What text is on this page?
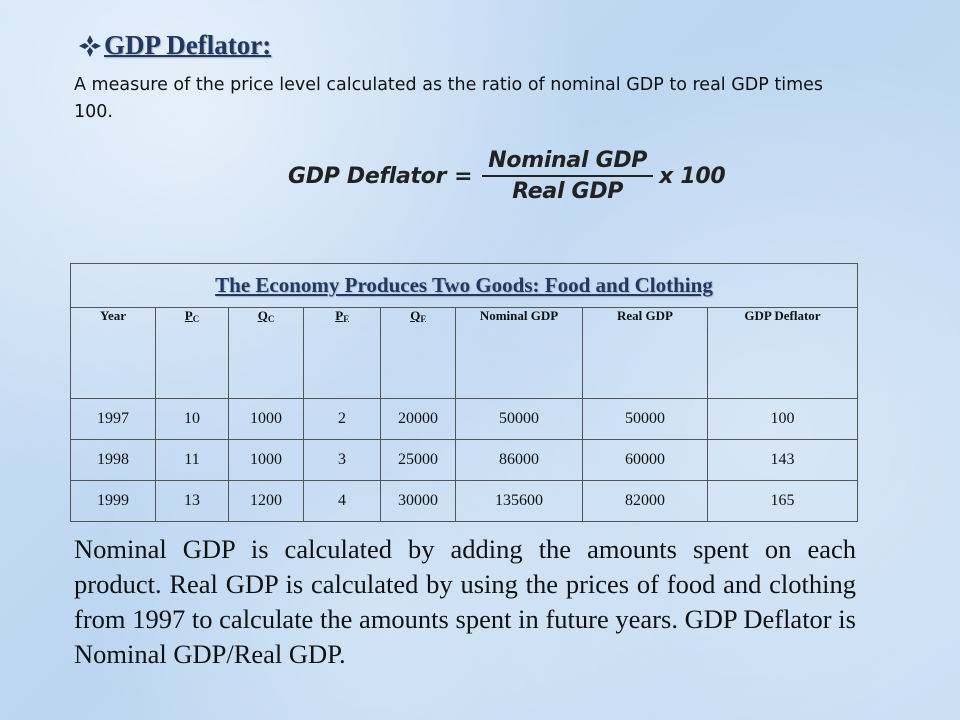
GDP Deflator:
A measure of the price level calculated as the ratio of nominal GDP to real GDP times 100.
GDP Deflator = $\frac{\text{Nominal GDP}}{\text{Real GDP}}$ x 100
The Economy Produces Two Goods: Food and Clothing							
Year	$P_C$	$Q_C$	$P_F$	$Q_F$	Nominal GDP	Real GDP	GDP Deflator
1997	10	1000	2	20000	50000	50000	100
1998	11	1000	3	25000	86000	60000	143
1999	13	1200	4	30000	135600	82000	165
Nominal GDP is calculated by adding the amounts spent on each product. Real GDP is calculated by using the prices of food and clothing from 1997 to calculate the amounts spent in future years. GDP Deflator is Nominal GDP/Real GDP.
